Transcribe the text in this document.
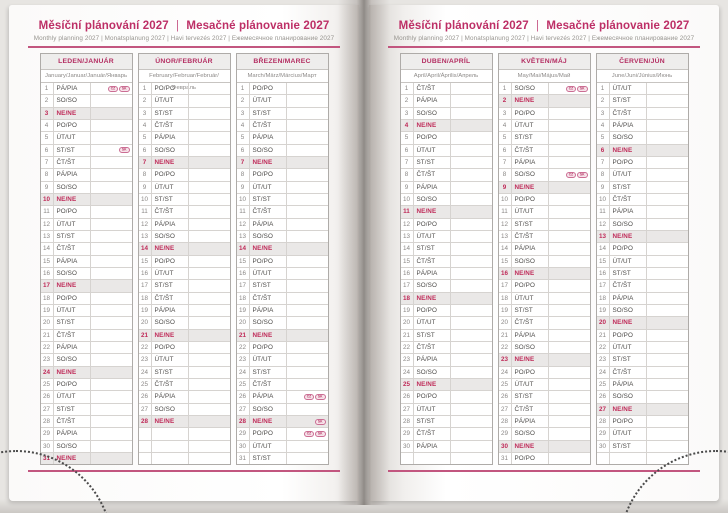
Měsíční plánování 2027 | Mesačné plánovanie 2027
Monthly planning 2027 | Monatsplanung 2027 | Havi tervezés 2027 | Ежемесячное планирование 2027
LEDEN/JANUÁR
January/Januar/Január/Январь
1	PÁ/PIA	CZ SK
2	SO/SO
3	NE/NE
4	PO/PO
5	ÚT/UT
6	ST/ST	SK
7	ČT/ŠT
8	PÁ/PIA
9	SO/SO
10	NE/NE
11	PO/PO
12	ÚT/UT
13	ST/ST
14	ČT/ŠT
15	PÁ/PIA
16	SO/SO
17	NE/NE
18	PO/PO
19	ÚT/UT
20	ST/ST
21	ČT/ŠT
22	PÁ/PIA
23	SO/SO
24	NE/NE
25	PO/PO
26	ÚT/UT
27	ST/ST
28	ČT/ŠT
29	PÁ/PIA
30	SO/SO
31	NE/NE
ÚNOR/FEBRUÁR
February/Februar/Február/Февраль
1	PO/PO
2	ÚT/UT
3	ST/ST
4	ČT/ŠT
5	PÁ/PIA
6	SO/SO
7	NE/NE
8	PO/PO
9	ÚT/UT
10	ST/ST
11	ČT/ŠT
12	PÁ/PIA
13	SO/SO
14	NE/NE
15	PO/PO
16	ÚT/UT
17	ST/ST
18	ČT/ŠT
19	PÁ/PIA
20	SO/SO
21	NE/NE
22	PO/PO
23	ÚT/UT
24	ST/ST
25	ČT/ŠT
26	PÁ/PIA
27	SO/SO
28	NE/NE
BŘEZEN/MAREC
March/März/Március/Март
1	PO/PO
2	ÚT/UT
3	ST/ST
4	ČT/ŠT
5	PÁ/PIA
6	SO/SO
7	NE/NE
8	PO/PO
9	ÚT/UT
10	ST/ST
11	ČT/ŠT
12	PÁ/PIA
13	SO/SO
14	NE/NE
15	PO/PO
16	ÚT/UT
17	ST/ST
18	ČT/ŠT
19	PÁ/PIA
20	SO/SO
21	NE/NE
22	PO/PO
23	ÚT/UT
24	ST/ST
25	ČT/ŠT
26	PÁ/PIA	CZ SK
27	SO/SO
28	NE/NE	SK
29	PO/PO	CZ SK
30	ÚT/UT
31	ST/ST
Měsíční plánování 2027 | Mesačné plánovanie 2027
Monthly planning 2027 | Monatsplanung 2027 | Havi tervezés 2027 | Ежемесячное планирование 2027
DUBEN/APRÍL
April/April/Április/Апрель
1	ČT/ŠT
2	PÁ/PIA
3	SO/SO
4	NE/NE
5	PO/PO
6	ÚT/UT
7	ST/ST
8	ČT/ŠT
9	PÁ/PIA
10	SO/SO
11	NE/NE
12	PO/PO
13	ÚT/UT
14	ST/ST
15	ČT/ŠT
16	PÁ/PIA
17	SO/SO
18	NE/NE
19	PO/PO
20	ÚT/UT
21	ST/ST
22	ČT/ŠT
23	PÁ/PIA
24	SO/SO
25	NE/NE
26	PO/PO
27	ÚT/UT
28	ST/ST
29	ČT/ŠT
30	PÁ/PIA
KVĚTEN/MÁJ
May/Mai/Május/Май
1	SO/SO	CZ SK
2	NE/NE
3	PO/PO
4	ÚT/UT
5	ST/ST
6	ČT/ŠT
7	PÁ/PIA
8	SO/SO	CZ SK
9	NE/NE
10	PO/PO
11	ÚT/UT
12	ST/ST
13	ČT/ŠT
14	PÁ/PIA
15	SO/SO
16	NE/NE
17	PO/PO
18	ÚT/UT
19	ST/ST
20	ČT/ŠT
21	PÁ/PIA
22	SO/SO
23	NE/NE
24	PO/PO
25	ÚT/UT
26	ST/ST
27	ČT/ŠT
28	PÁ/PIA
29	SO/SO
30	NE/NE
31	PO/PO
ČERVEN/JÚN
June/Juni/Június/Июнь
1	ÚT/UT
2	ST/ST
3	ČT/ŠT
4	PÁ/PIA
5	SO/SO
6	NE/NE
7	PO/PO
8	ÚT/UT
9	ST/ST
10	ČT/ŠT
11	PÁ/PIA
12	SO/SO
13	NE/NE
14	PO/PO
15	ÚT/UT
16	ST/ST
17	ČT/ŠT
18	PÁ/PIA
19	SO/SO
20	NE/NE
21	PO/PO
22	ÚT/UT
23	ST/ST
24	ČT/ŠT
25	PÁ/PIA
26	SO/SO
27	NE/NE
28	PO/PO
29	ÚT/UT
30	ST/ST
